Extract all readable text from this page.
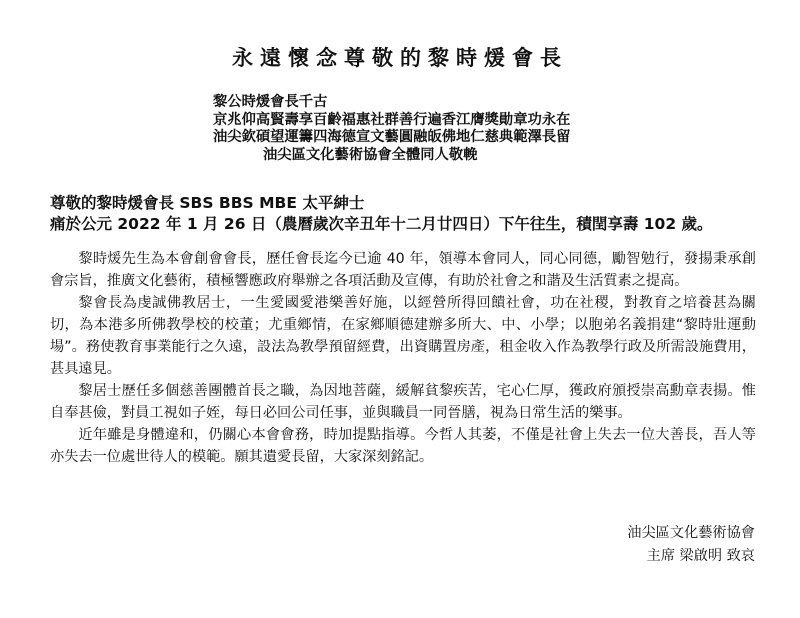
永遠懷念尊敬的黎時煖會長
黎公時煖會長千古
京兆仰高賢壽享百齡福惠社群善行遍香江膺獎勛章功永在
油尖欽碩望運籌四海德宣文藝圓融皈佛地仁慈典範澤長留
油尖區文化藝術協會全體同人敬輓
尊敬的黎時煖會長 SBS BBS MBE 太平紳士
痛於公元 2022 年 1 月 26 日（農曆歲次辛丑年十二月廿四日）下午往生，積閏享壽 102 歲。

黎時煖先生為本會創會會長，歷任會長迄今已逾 40 年，領導本會同人，同心同德，勵智勉行，發揚秉承創會宗旨，推廣文化藝術，積極響應政府舉辦之各項活動及宣傳，有助於社會之和諧及生活質素之提高。

黎會長為虔誠佛教居士，一生愛國愛港樂善好施，以經營所得回饋社會，功在社稷，對教育之培養甚為關切，為本港多所佛教學校的校董；尤重鄉情，在家鄉順德建辦多所大、中、小學；以胞弟名義捐建“黎時壯運動場”。務使教育事業能行之久遠，設法為教學預留經費，出資購置房產，租金收入作為教學行政及所需設施費用，甚具遠見。

黎居士歷任多個慈善團體首長之職，為因地菩薩，緩解貧黎疾苦，宅心仁厚，獲政府頒授崇高勳章表揚。惟自奉甚儉，對員工視如子姪，每日必回公司任事，並與職員一同晉膳，視為日常生活的樂事。

近年雖是身體違和，仍關心本會會務，時加提點指導。今哲人其萎，不僅是社會上失去一位大善長，吾人等亦失去一位處世待人的模範。願其遺愛長留，大家深刻銘記。

油尖區文化藝術協會
主席 梁啟明 致哀
